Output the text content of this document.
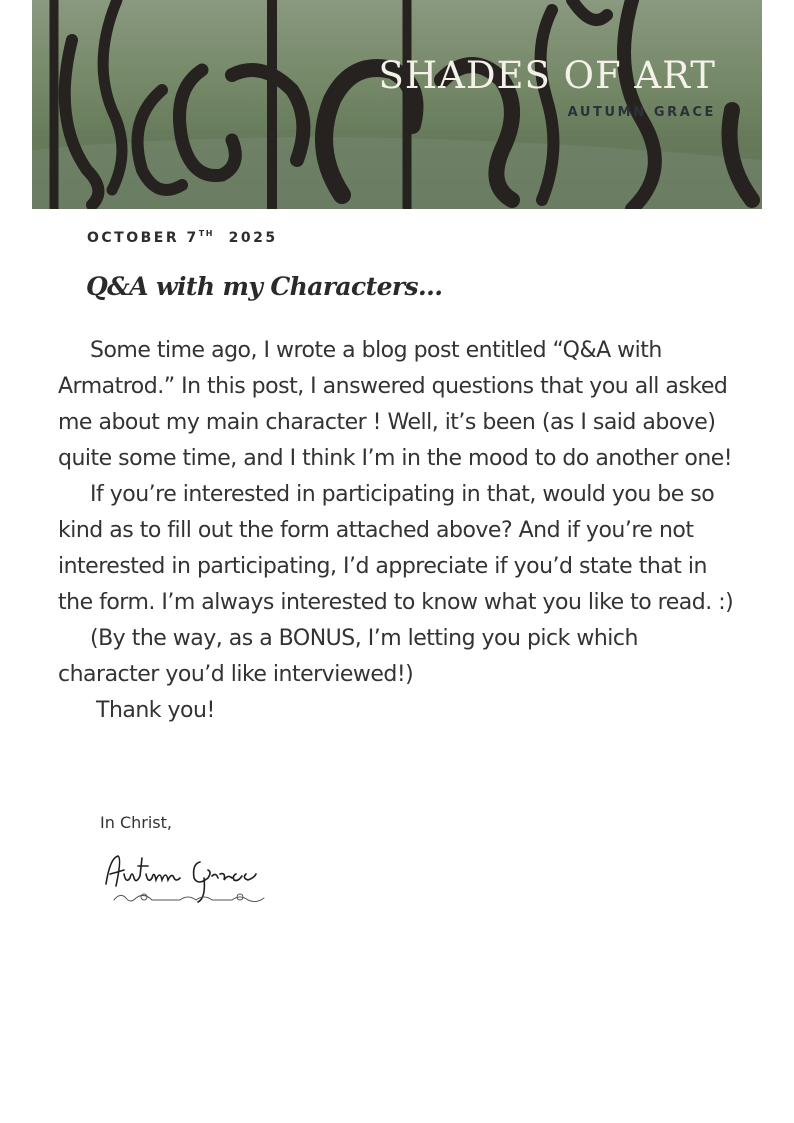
SHADES OF ART
AUTUMN GRACE
OCTOBER 7TH 2025
Q&A with my Characters…

Some time ago, I wrote a blog post entitled “Q&A with Armatrod.” In this post, I answered questions that you all asked me about my main character ! Well, it’s been (as I said above) quite some time, and I think I’m in the mood to do another one!

If you’re interested in participating in that, would you be so kind as to fill out the form attached above? And if you’re not interested in participating, I’d appreciate if you’d state that in the form. I’m always interested to know what you like to read. :)

(By the way, as a BONUS, I’m letting you pick which character you’d like interviewed!)

Thank you!

In Christ,
